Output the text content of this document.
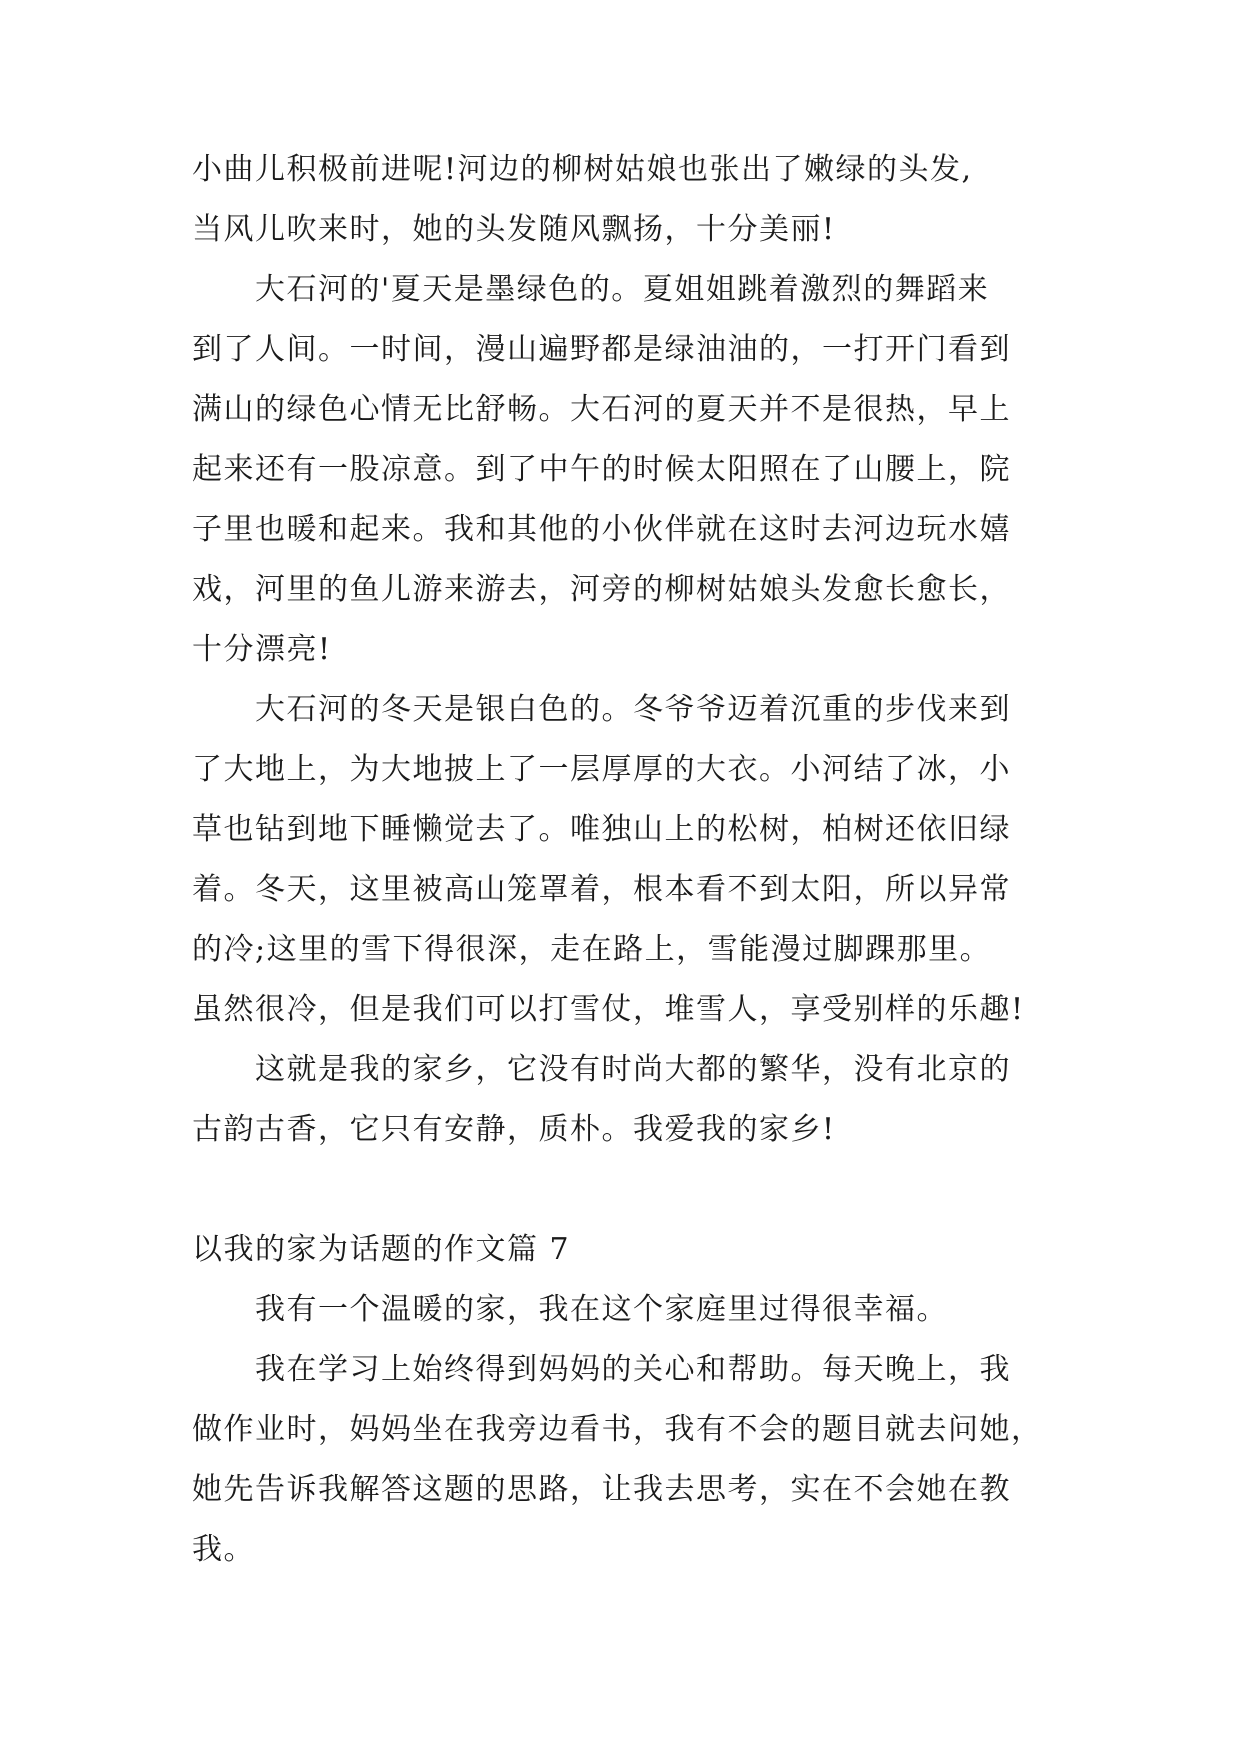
小曲儿积极前进呢!河边的柳树姑娘也张出了嫩绿的头发,
当风儿吹来时，她的头发随风飘扬，十分美丽!
大石河的'夏天是墨绿色的。夏姐姐跳着激烈的舞蹈来
到了人间。一时间，漫山遍野都是绿油油的，一打开门看到
满山的绿色心情无比舒畅。大石河的夏天并不是很热，早上
起来还有一股凉意。到了中午的时候太阳照在了山腰上，院
子里也暖和起来。我和其他的小伙伴就在这时去河边玩水嬉
戏，河里的鱼儿游来游去，河旁的柳树姑娘头发愈长愈长，
十分漂亮!
大石河的冬天是银白色的。冬爷爷迈着沉重的步伐来到
了大地上，为大地披上了一层厚厚的大衣。小河结了冰，小
草也钻到地下睡懒觉去了。唯独山上的松树，柏树还依旧绿
着。冬天，这里被高山笼罩着，根本看不到太阳，所以异常
的冷;这里的雪下得很深，走在路上，雪能漫过脚踝那里。
虽然很冷，但是我们可以打雪仗，堆雪人，享受别样的乐趣!
这就是我的家乡，它没有时尚大都的繁华，没有北京的
古韵古香，它只有安静，质朴。我爱我的家乡!
以我的家为话题的作文篇 7
我有一个温暖的家，我在这个家庭里过得很幸福。
我在学习上始终得到妈妈的关心和帮助。每天晚上，我
做作业时，妈妈坐在我旁边看书，我有不会的题目就去问她，
她先告诉我解答这题的思路，让我去思考，实在不会她在教
我。
